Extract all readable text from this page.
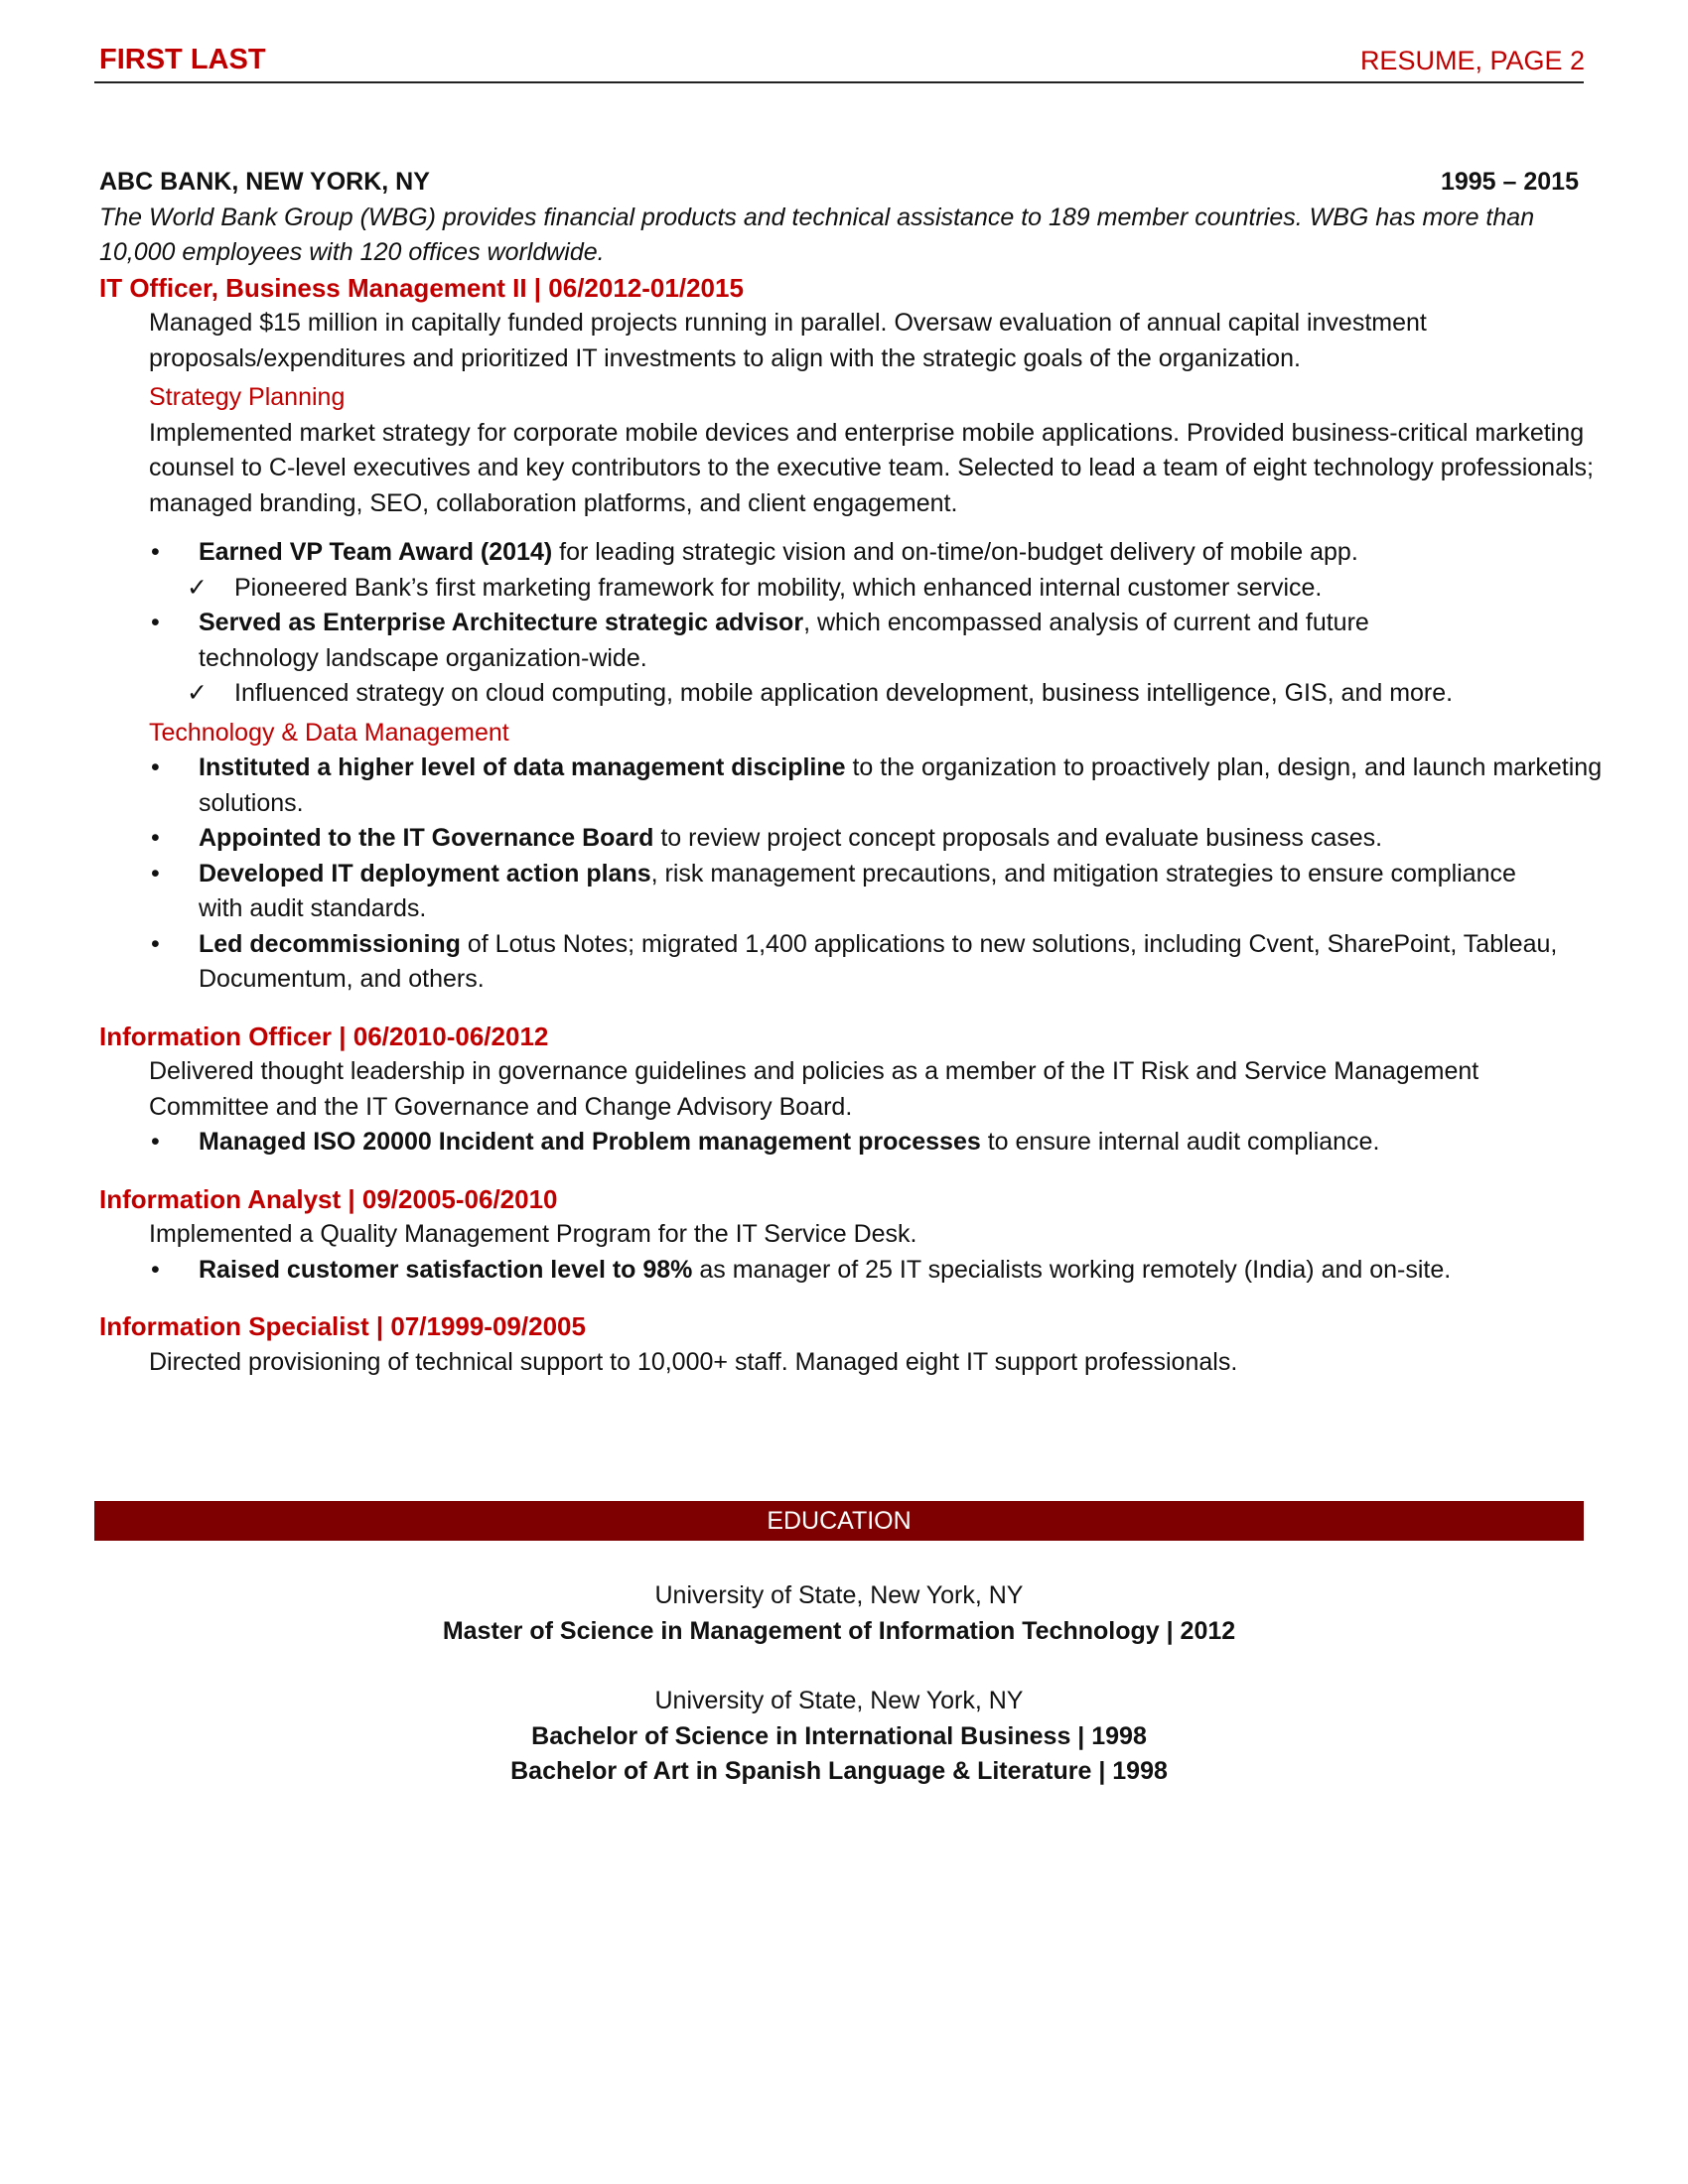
FIRST LAST	RESUME, PAGE 2
ABC BANK, NEW YORK, NY	1995 – 2015
The World Bank Group (WBG) provides financial products and technical assistance to 189 member countries. WBG has more than 10,000 employees with 120 offices worldwide.
IT Officer, Business Management II | 06/2012-01/2015
Managed $15 million in capitally funded projects running in parallel. Oversaw evaluation of annual capital investment proposals/expenditures and prioritized IT investments to align with the strategic goals of the organization.
Strategy Planning
Implemented market strategy for corporate mobile devices and enterprise mobile applications. Provided business-critical marketing counsel to C-level executives and key contributors to the executive team. Selected to lead a team of eight technology professionals; managed branding, SEO, collaboration platforms, and client engagement.
• Earned VP Team Award (2014) for leading strategic vision and on-time/on-budget delivery of mobile app.
✓ Pioneered Bank’s first marketing framework for mobility, which enhanced internal customer service.
• Served as Enterprise Architecture strategic advisor, which encompassed analysis of current and future technology landscape organization-wide.
✓ Influenced strategy on cloud computing, mobile application development, business intelligence, GIS, and more.
Technology & Data Management
• Instituted a higher level of data management discipline to the organization to proactively plan, design, and launch marketing solutions.
• Appointed to the IT Governance Board to review project concept proposals and evaluate business cases.
• Developed IT deployment action plans, risk management precautions, and mitigation strategies to ensure compliance with audit standards.
• Led decommissioning of Lotus Notes; migrated 1,400 applications to new solutions, including Cvent, SharePoint, Tableau, Documentum, and others.
Information Officer | 06/2010-06/2012
Delivered thought leadership in governance guidelines and policies as a member of the IT Risk and Service Management Committee and the IT Governance and Change Advisory Board.
• Managed ISO 20000 Incident and Problem management processes to ensure internal audit compliance.
Information Analyst | 09/2005-06/2010
Implemented a Quality Management Program for the IT Service Desk.
• Raised customer satisfaction level to 98% as manager of 25 IT specialists working remotely (India) and on-site.
Information Specialist | 07/1999-09/2005
Directed provisioning of technical support to 10,000+ staff. Managed eight IT support professionals.
EDUCATION
University of State, New York, NY
Master of Science in Management of Information Technology | 2012
University of State, New York, NY
Bachelor of Science in International Business | 1998
Bachelor of Art in Spanish Language & Literature | 1998
